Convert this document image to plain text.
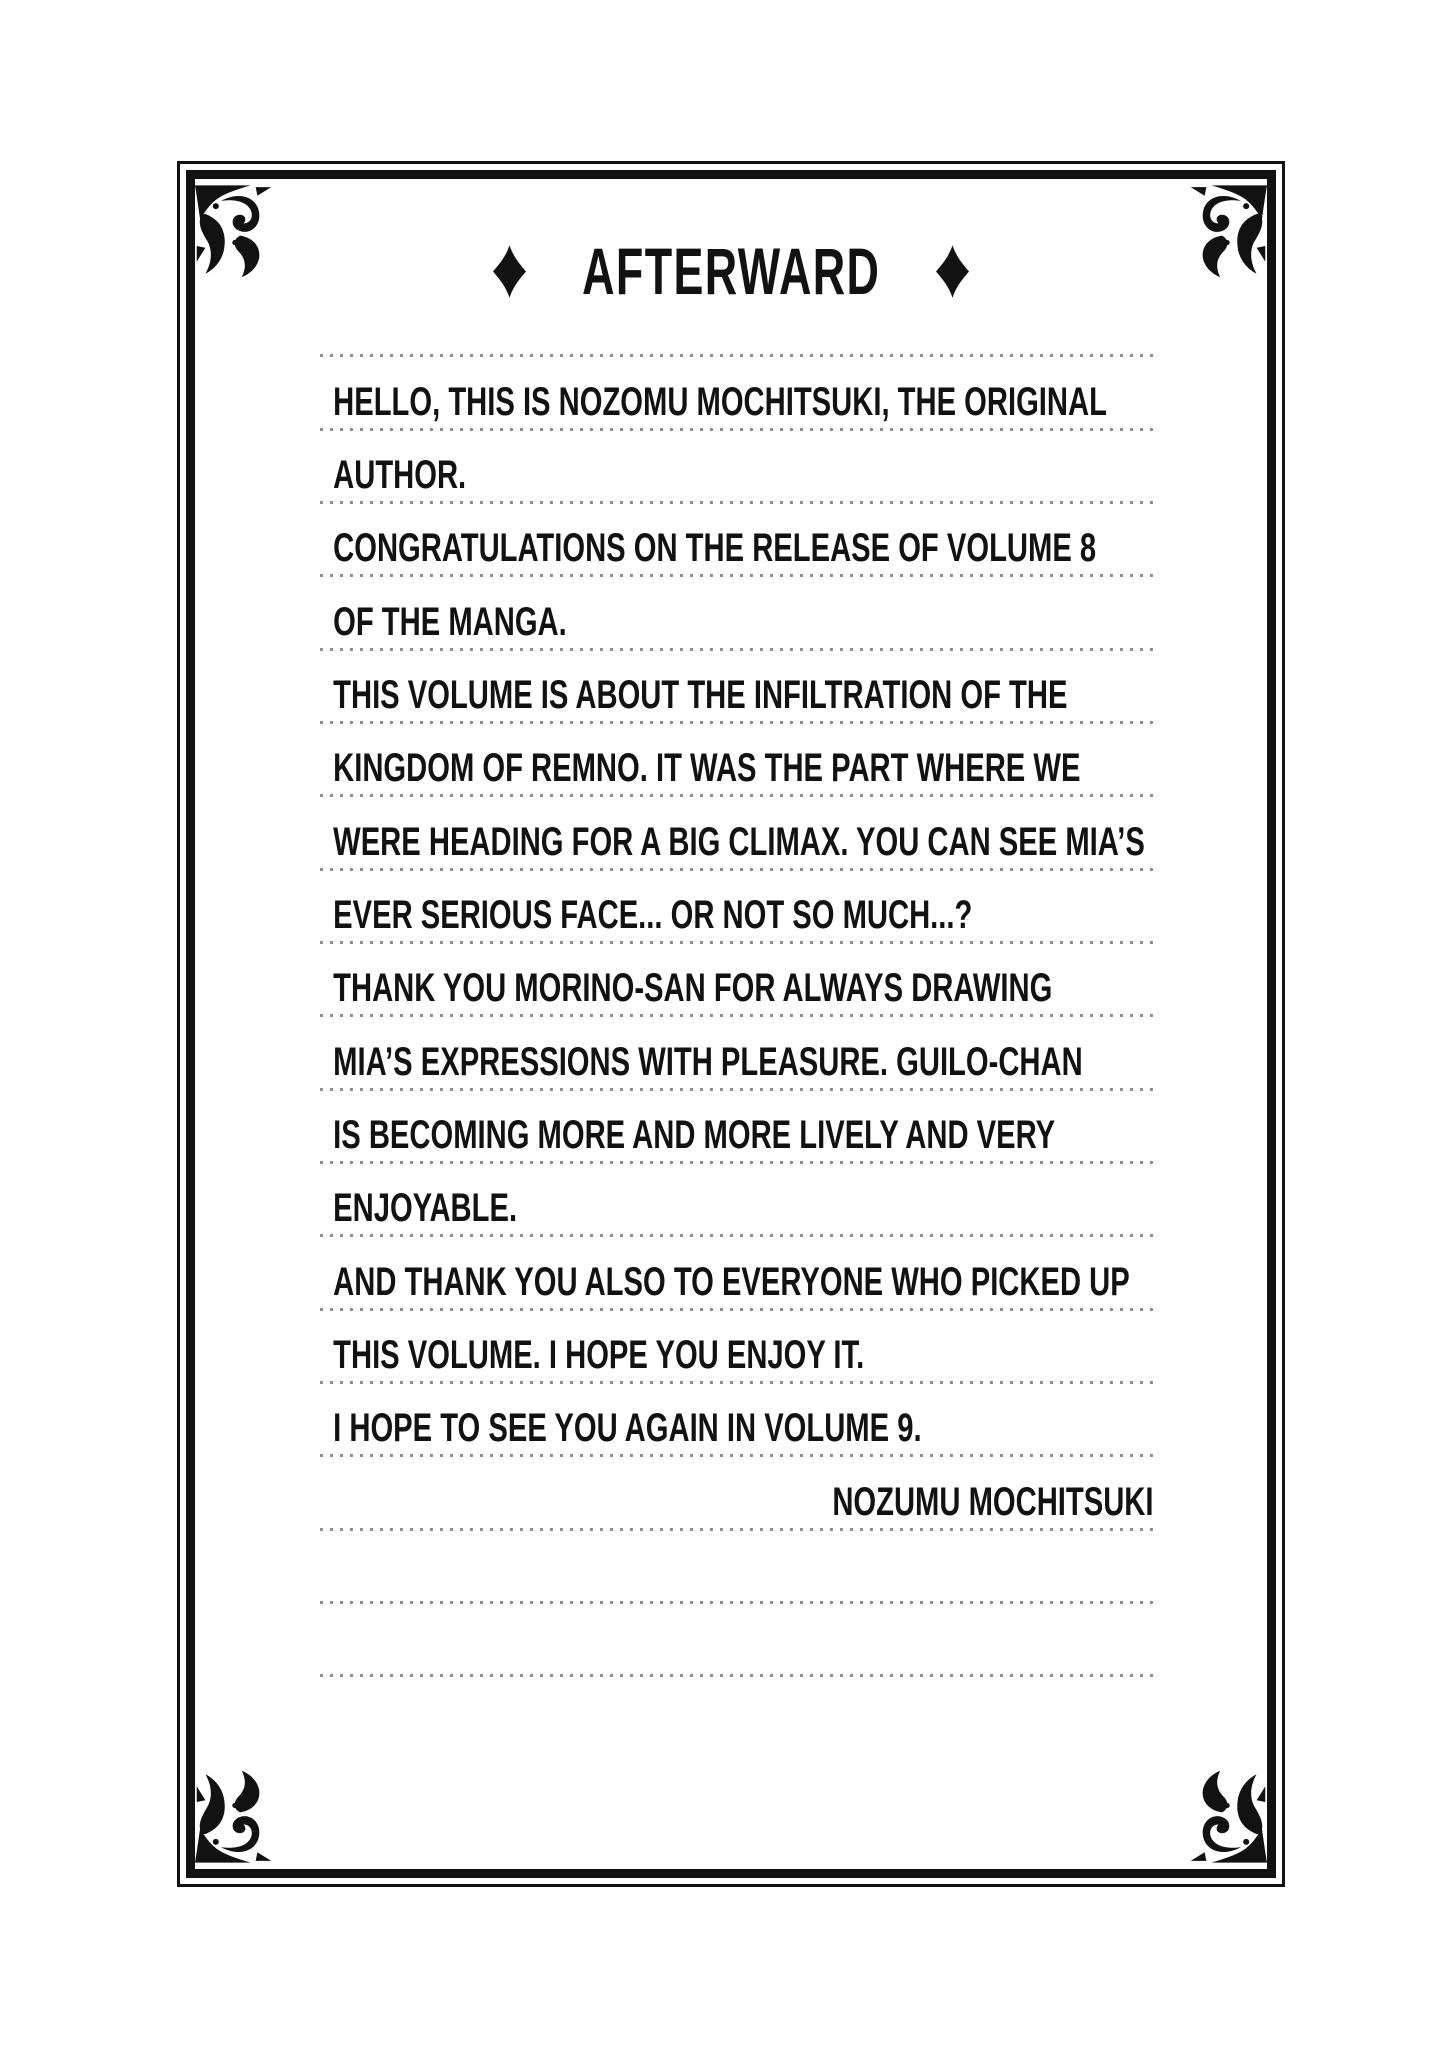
AFTERWARD
HELLO, THIS IS NOZOMU MOCHITSUKI, THE ORIGINAL
AUTHOR.
CONGRATULATIONS ON THE RELEASE OF VOLUME 8
OF THE MANGA.
THIS VOLUME IS ABOUT THE INFILTRATION OF THE
KINGDOM OF REMNO. IT WAS THE PART WHERE WE
WERE HEADING FOR A BIG CLIMAX. YOU CAN SEE MIA’S
EVER SERIOUS FACE... OR NOT SO MUCH...?
THANK YOU MORINO-SAN FOR ALWAYS DRAWING
MIA’S EXPRESSIONS WITH PLEASURE. GUILO-CHAN
IS BECOMING MORE AND MORE LIVELY AND VERY
ENJOYABLE.
AND THANK YOU ALSO TO EVERYONE WHO PICKED UP
THIS VOLUME. I HOPE YOU ENJOY IT.
I HOPE TO SEE YOU AGAIN IN VOLUME 9.
NOZUMU MOCHITSUKI
